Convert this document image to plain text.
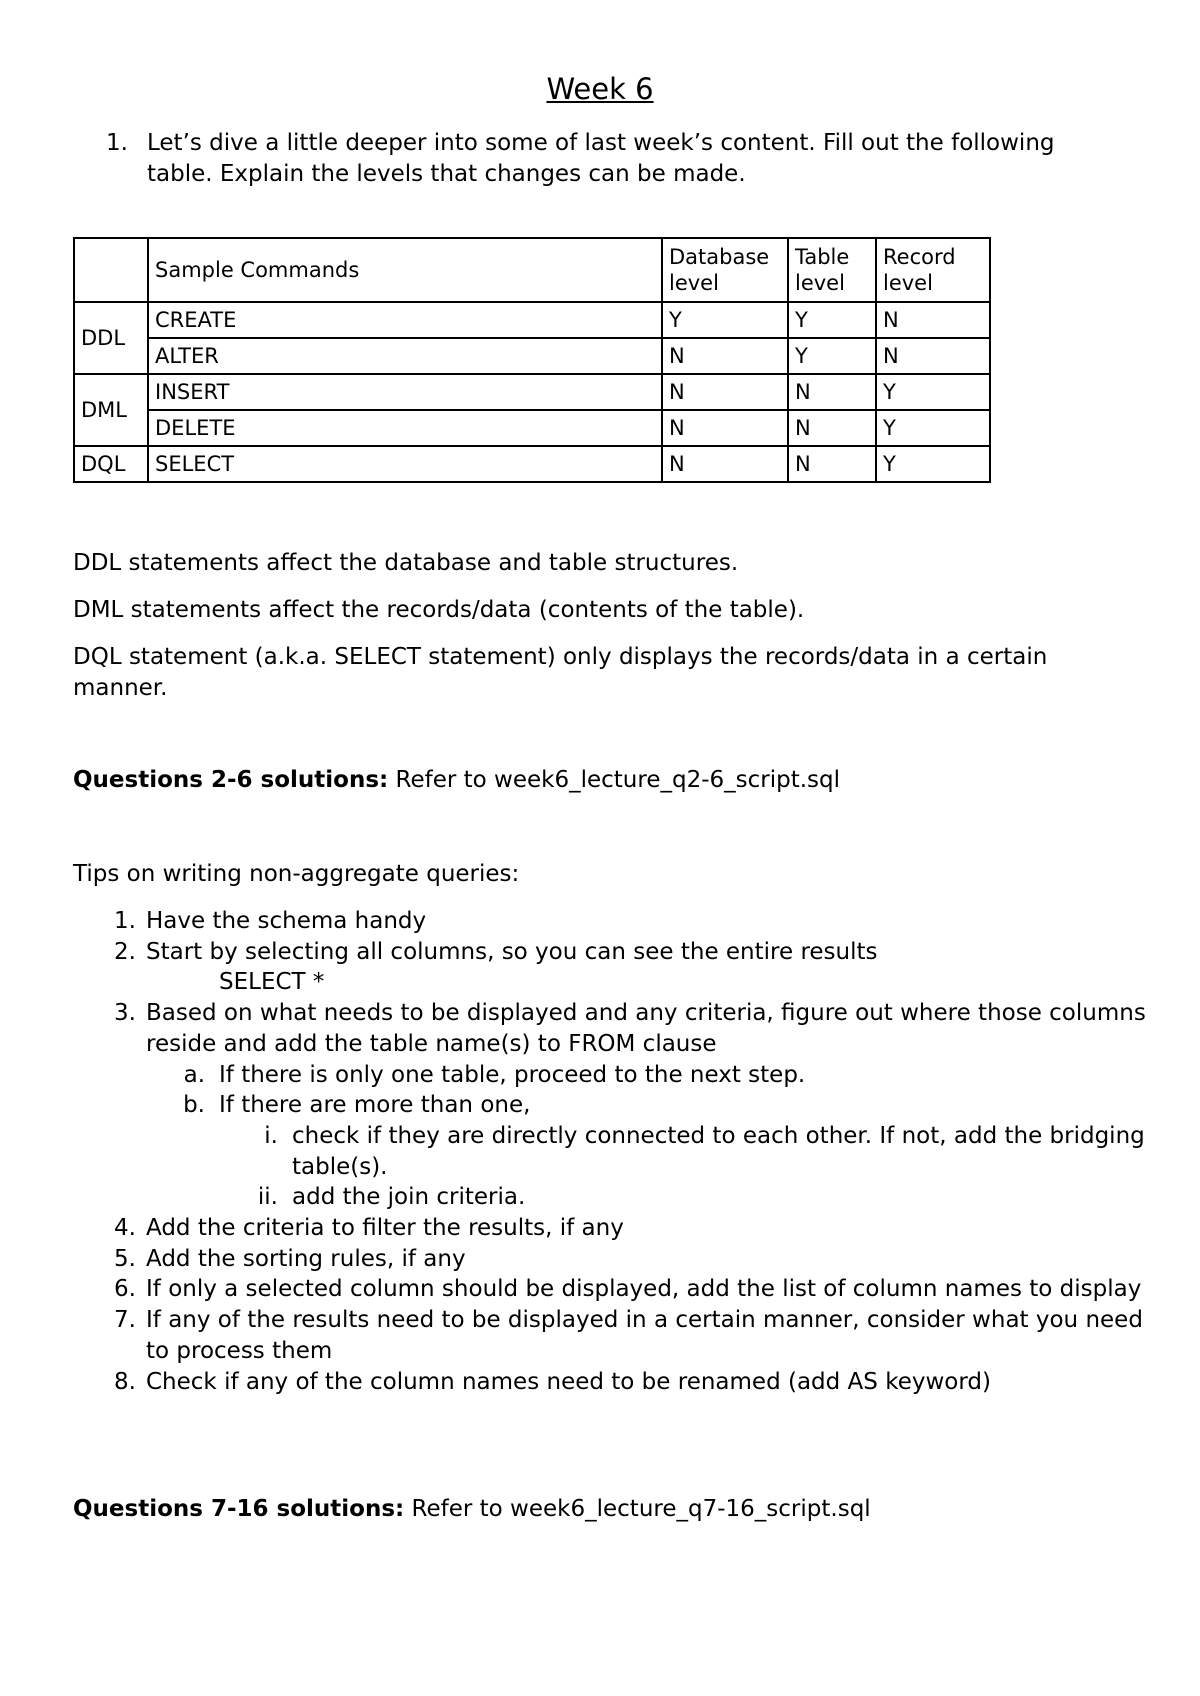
Week 6
1. Let’s dive a little deeper into some of last week’s content. Fill out the following table. Explain the levels that changes can be made.
	Sample Commands	Database level	Table level	Record level
DDL	CREATE	Y	Y	N
	ALTER	N	Y	N
DML	INSERT	N	N	Y
	DELETE	N	N	Y
DQL	SELECT	N	N	Y
DDL statements affect the database and table structures.
DML statements affect the records/data (contents of the table).
DQL statement (a.k.a. SELECT statement) only displays the records/data in a certain manner.
Questions 2-6 solutions: Refer to week6_lecture_q2-6_script.sql
Tips on writing non-aggregate queries:
1. Have the schema handy
2. Start by selecting all columns, so you can see the entire results
SELECT *
3. Based on what needs to be displayed and any criteria, figure out where those columns reside and add the table name(s) to FROM clause
a. If there is only one table, proceed to the next step.
b. If there are more than one,
i. check if they are directly connected to each other. If not, add the bridging table(s).
ii. add the join criteria.
4. Add the criteria to filter the results, if any
5. Add the sorting rules, if any
6. If only a selected column should be displayed, add the list of column names to display
7. If any of the results need to be displayed in a certain manner, consider what you need to process them
8. Check if any of the column names need to be renamed (add AS keyword)
Questions 7-16 solutions: Refer to week6_lecture_q7-16_script.sql
